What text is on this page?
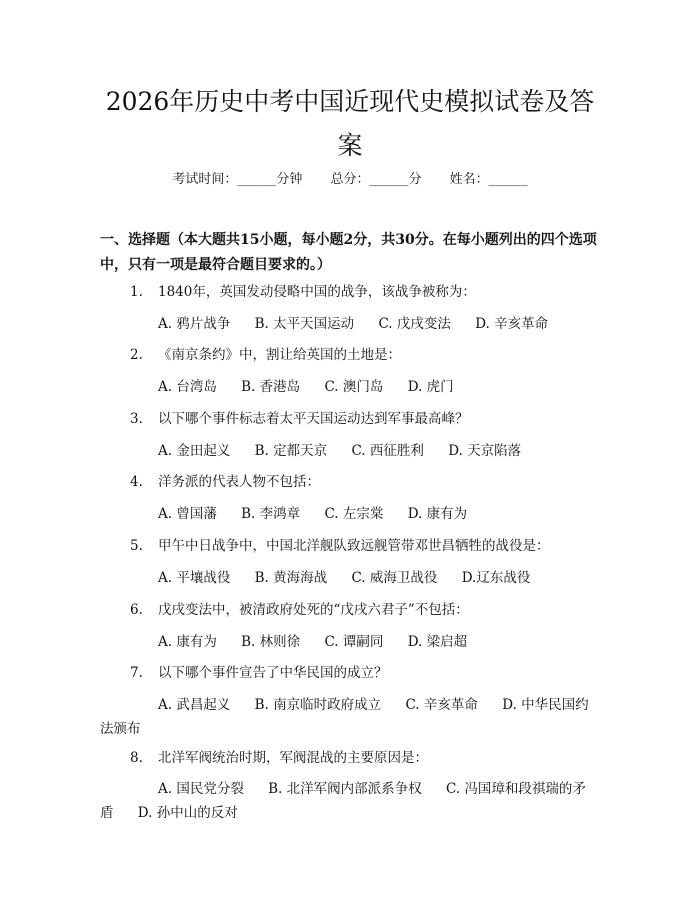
2026年历史中考中国近现代史模拟试卷及答案
考试时间：______分钟 总分：______分 姓名：______
一、选择题（本大题共15小题，每小题2分，共30分。在每小题列出的四个选项中，只有一项是最符合题目要求的。）
1. 1840年，英国发动侵略中国的战争，该战争被称为：
A. 鸦片战争 B. 太平天国运动 C. 戊戌变法 D. 辛亥革命
2. 《南京条约》中，割让给英国的土地是：
A. 台湾岛 B. 香港岛 C. 澳门岛 D. 虎门
3. 以下哪个事件标志着太平天国运动达到军事最高峰？
A. 金田起义 B. 定都天京 C. 西征胜利 D. 天京陷落
4. 洋务派的代表人物不包括：
A. 曾国藩 B. 李鸿章 C. 左宗棠 D. 康有为
5. 甲午中日战争中，中国北洋舰队致远舰管带邓世昌牺牲的战役是：
A. 平壤战役 B. 黄海海战 C. 威海卫战役 D.辽东战役
6. 戊戌变法中，被清政府处死的“戊戌六君子”不包括：
A. 康有为 B. 林则徐 C. 谭嗣同 D. 梁启超
7. 以下哪个事件宣告了中华民国的成立？
A. 武昌起义 B. 南京临时政府成立 C. 辛亥革命 D. 中华民国约法颁布
8. 北洋军阀统治时期，军阀混战的主要原因是：
A. 国民党分裂 B. 北洋军阀内部派系争权 C. 冯国璋和段祺瑞的矛盾 D. 孙中山的反对
